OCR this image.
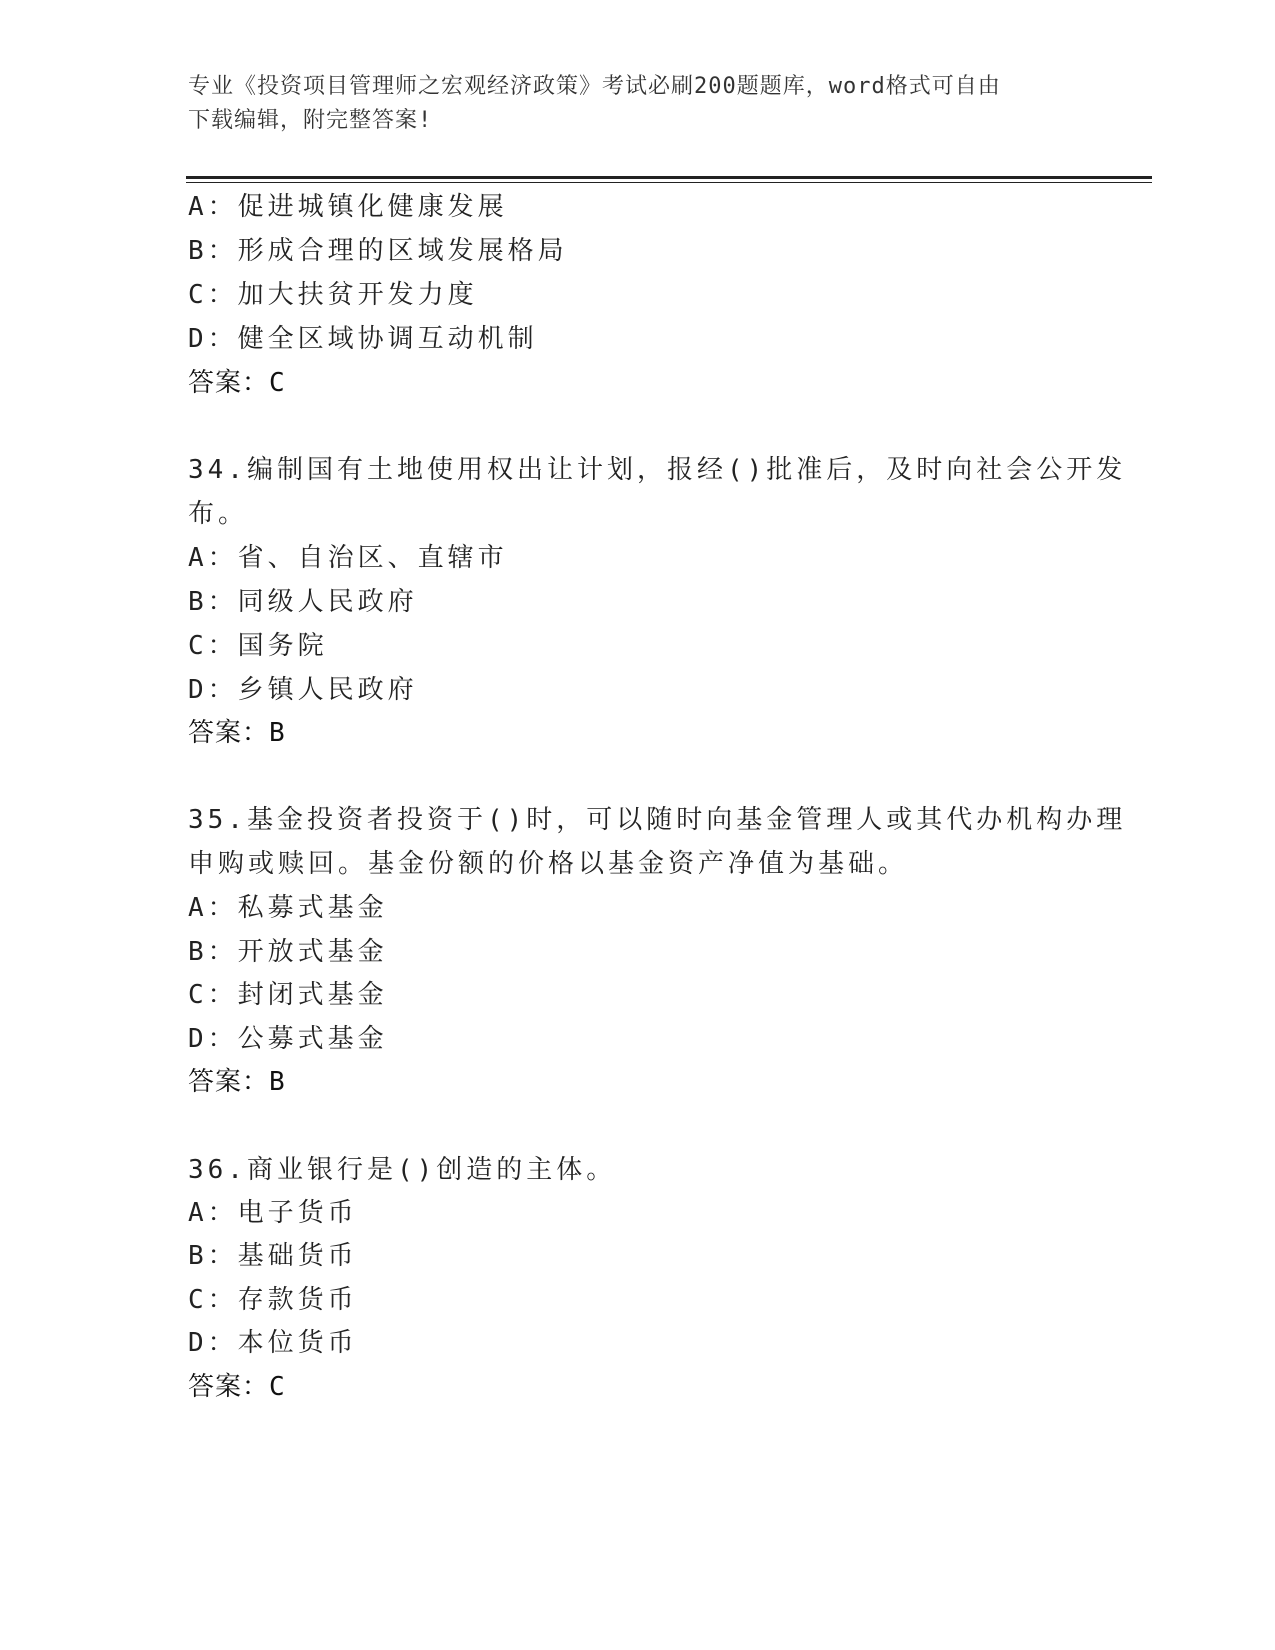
专业《投资项目管理师之宏观经济政策》考试必刷200题题库，word格式可自由
下载编辑，附完整答案!
A：促进城镇化健康发展
B：形成合理的区域发展格局
C：加大扶贫开发力度
D：健全区域协调互动机制
答案：C
34.编制国有土地使用权出让计划，报经()批准后，及时向社会公开发
布。
A：省、自治区、直辖市
B：同级人民政府
C：国务院
D：乡镇人民政府
答案：B
35.基金投资者投资于()时，可以随时向基金管理人或其代办机构办理
申购或赎回。基金份额的价格以基金资产净值为基础。
A：私募式基金
B：开放式基金
C：封闭式基金
D：公募式基金
答案：B
36.商业银行是()创造的主体。
A：电子货币
B：基础货币
C：存款货币
D：本位货币
答案：C
